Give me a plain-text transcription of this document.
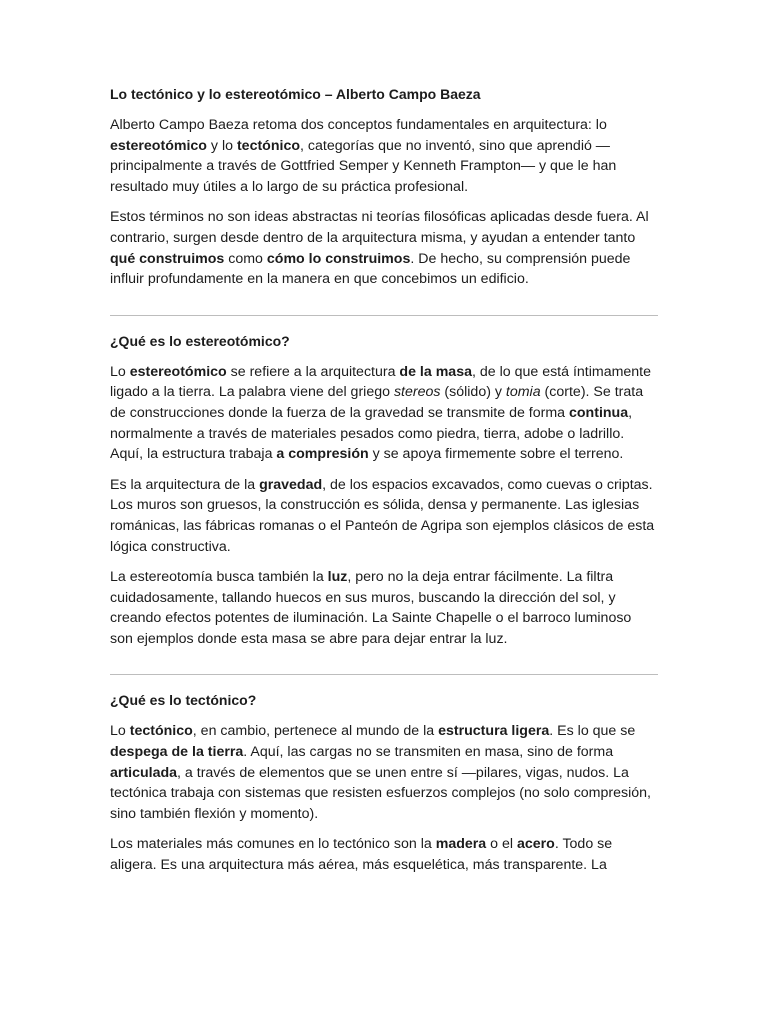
Lo tectónico y lo estereotómico – Alberto Campo Baeza

Alberto Campo Baeza retoma dos conceptos fundamentales en arquitectura: lo estereotómico y lo tectónico, categorías que no inventó, sino que aprendió — principalmente a través de Gottfried Semper y Kenneth Frampton— y que le han resultado muy útiles a lo largo de su práctica profesional.

Estos términos no son ideas abstractas ni teorías filosóficas aplicadas desde fuera. Al contrario, surgen desde dentro de la arquitectura misma, y ayudan a entender tanto qué construimos como cómo lo construimos. De hecho, su comprensión puede influir profundamente en la manera en que concebimos un edificio.

¿Qué es lo estereotómico?

Lo estereotómico se refiere a la arquitectura de la masa, de lo que está íntimamente ligado a la tierra. La palabra viene del griego stereos (sólido) y tomia (corte). Se trata de construcciones donde la fuerza de la gravedad se transmite de forma continua, normalmente a través de materiales pesados como piedra, tierra, adobe o ladrillo. Aquí, la estructura trabaja a compresión y se apoya firmemente sobre el terreno.

Es la arquitectura de la gravedad, de los espacios excavados, como cuevas o criptas. Los muros son gruesos, la construcción es sólida, densa y permanente. Las iglesias románicas, las fábricas romanas o el Panteón de Agripa son ejemplos clásicos de esta lógica constructiva.

La estereotomía busca también la luz, pero no la deja entrar fácilmente. La filtra cuidadosamente, tallando huecos en sus muros, buscando la dirección del sol, y creando efectos potentes de iluminación. La Sainte Chapelle o el barroco luminoso son ejemplos donde esta masa se abre para dejar entrar la luz.

¿Qué es lo tectónico?

Lo tectónico, en cambio, pertenece al mundo de la estructura ligera. Es lo que se despega de la tierra. Aquí, las cargas no se transmiten en masa, sino de forma articulada, a través de elementos que se unen entre sí —pilares, vigas, nudos. La tectónica trabaja con sistemas que resisten esfuerzos complejos (no solo compresión, sino también flexión y momento).

Los materiales más comunes en lo tectónico son la madera o el acero. Todo se aligera. Es una arquitectura más aérea, más esquelética, más transparente. La
